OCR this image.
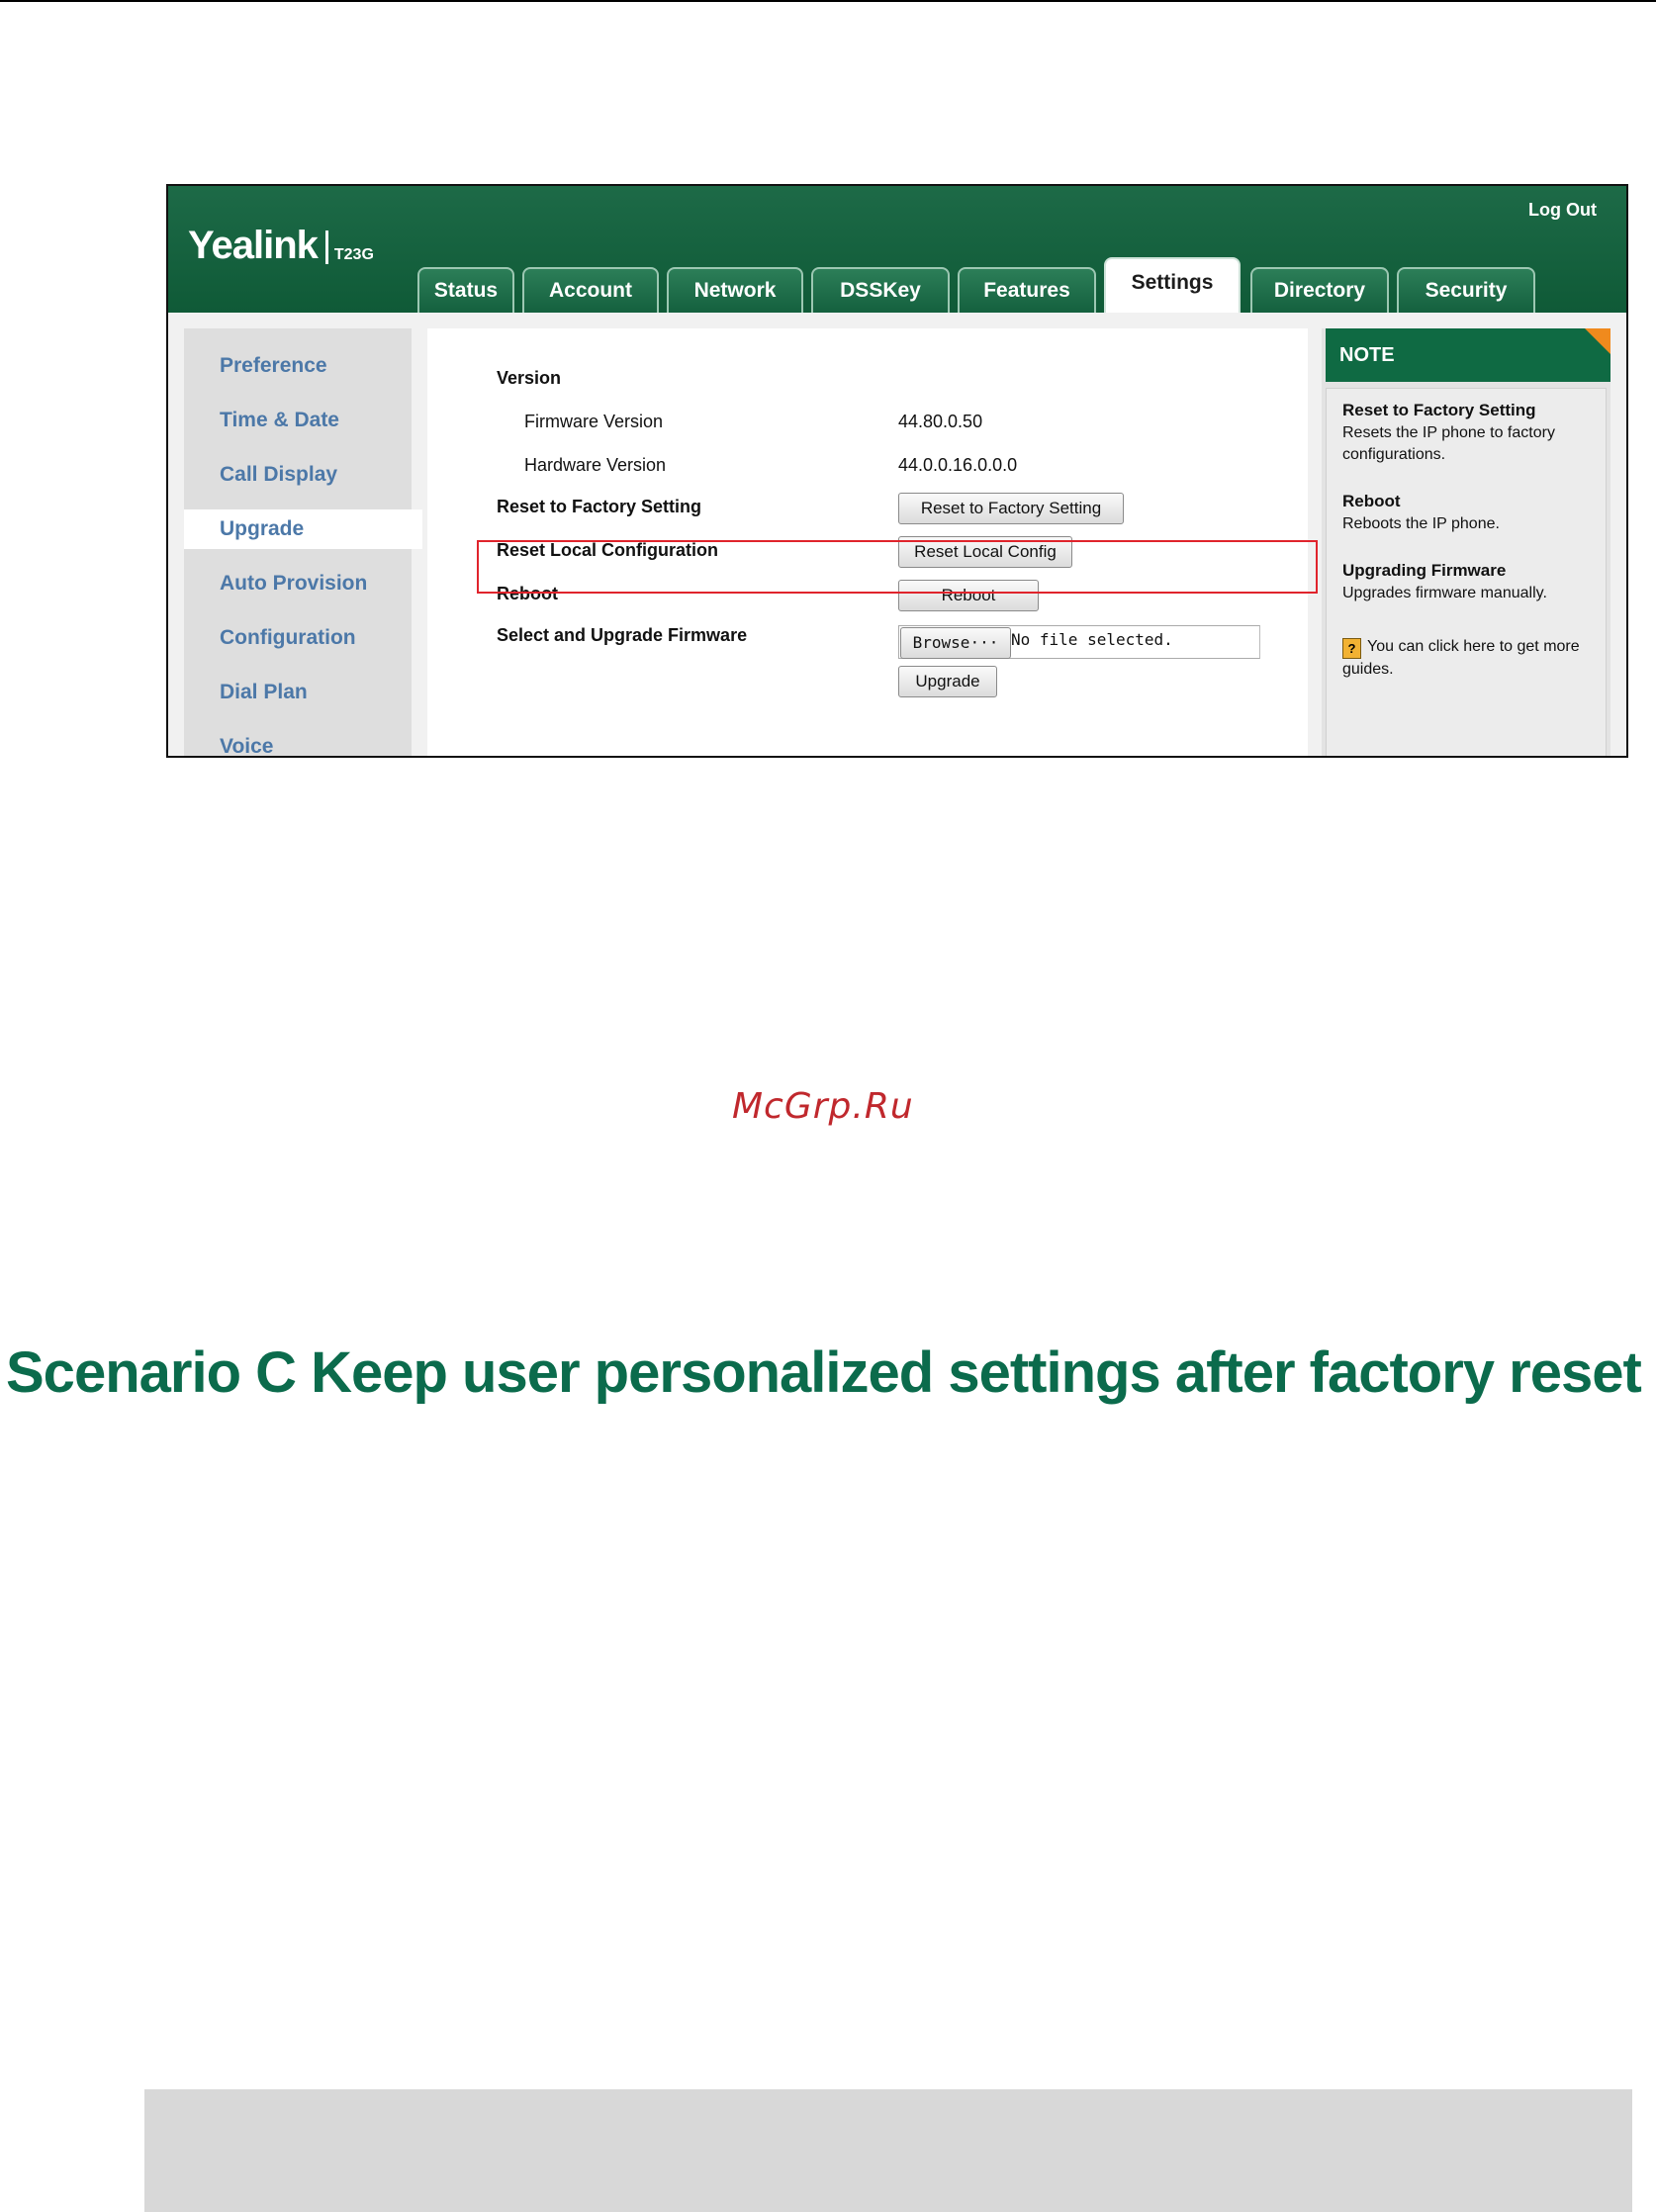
Yealink T23G
Log Out
Status	Account	Network	DSSKey	Features	Settings	Directory	Security
Preference
Time & Date
Call Display
Upgrade
Auto Provision
Configuration
Dial Plan
Voice
Version
Firmware Version	44.80.0.50
Hardware Version	44.0.0.16.0.0.0
Reset to Factory Setting	Reset to Factory Setting
Reset Local Configuration	Reset Local Config
Reboot	Reboot
Select and Upgrade Firmware	Browse··· No file selected.
Upgrade
NOTE
Reset to Factory Setting
Resets the IP phone to factory configurations.
Reboot
Reboots the IP phone.
Upgrading Firmware
Upgrades firmware manually.
? You can click here to get more guides.
McGrp.Ru
Scenario C Keep user personalized settings after factory reset
